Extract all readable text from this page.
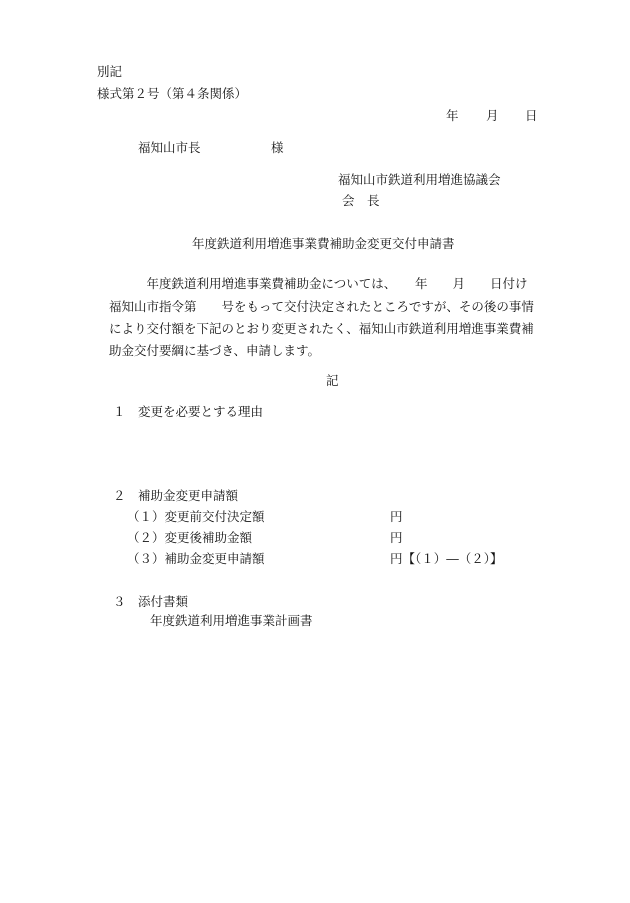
別記
様式第２号（第４条関係）
年 月 日
福知山市長	様
福知山市鉄道利用増進協議会
会　長
年度鉄道利用増進事業費補助金変更交付申請書
　　　年度鉄道利用増進事業費補助金については、　　年　　月　　日付け
福知山市指令第　　号をもって交付決定されたところですが、その後の事情
により交付額を下記のとおり変更されたく、福知山市鉄道利用増進事業費補
助金交付要綱に基づき、申請します。
記
１　変更を必要とする理由
２　補助金変更申請額
（１）変更前交付決定額	円
（２）変更後補助金額	円
（３）補助金変更申請額	円【（１）―（２）】
３　添付書類
年度鉄道利用増進事業計画書
